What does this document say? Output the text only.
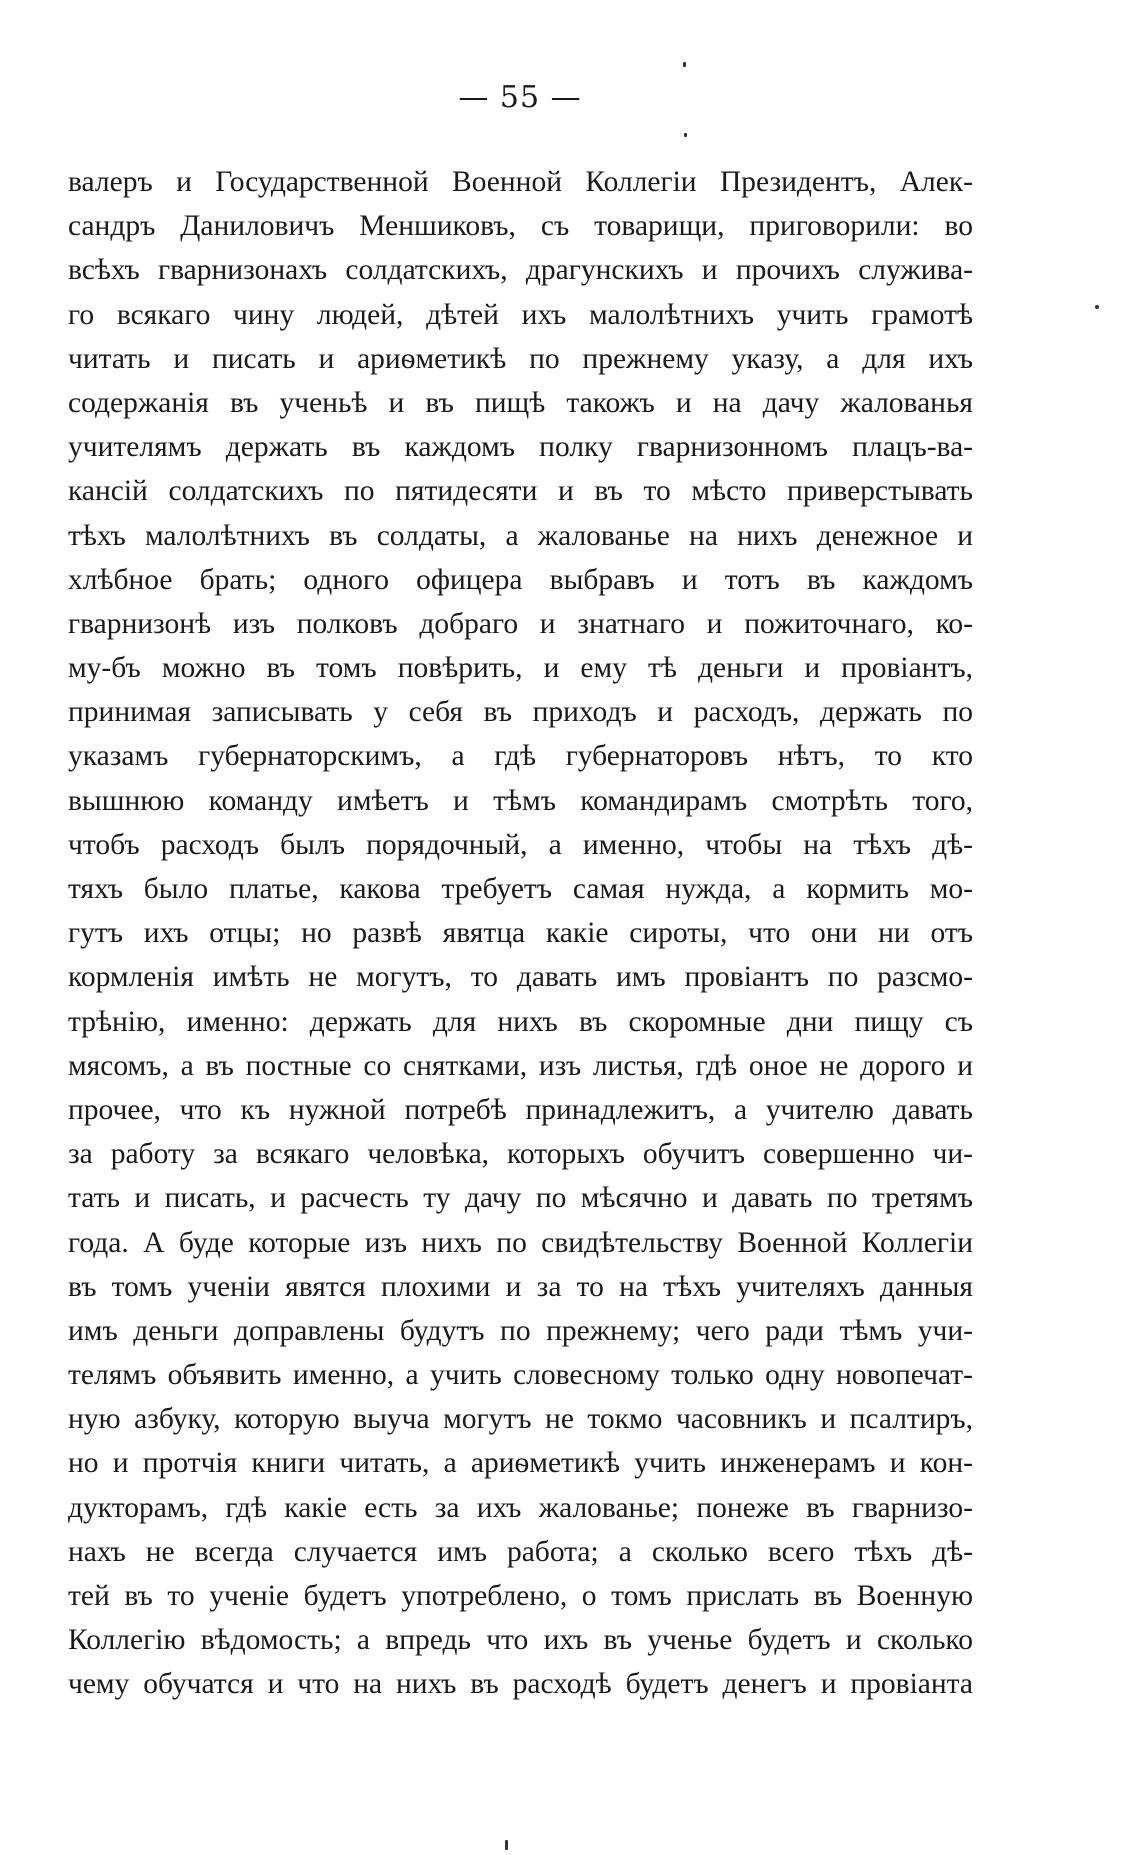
— 55 —
валеръ и Государственной Военной Коллегіи Президентъ, Алек-
сандръ Даниловичъ Меншиковъ, съ товарищи, приговорили: во
всѣхъ гварнизонахъ солдатскихъ, драгунскихъ и прочихъ служива-
го всякаго чину людей, дѣтей ихъ малолѣтнихъ учить грамотѣ
читать и писать и ариѳметикѣ по прежнему указу, а для ихъ
содержанія въ ученьѣ и въ пищѣ такожъ и на дачу жалованья
учителямъ держать въ каждомъ полку гварнизонномъ плацъ-ва-
кансій солдатскихъ по пятидесяти и въ то мѣсто приверстывать
тѣхъ малолѣтнихъ въ солдаты, а жалованье на нихъ денежное и
хлѣбное брать; одного офицера выбравъ и тотъ въ каждомъ
гварнизонѣ изъ полковъ добраго и знатнаго и пожиточнаго, ко-
му-бъ можно въ томъ повѣрить, и ему тѣ деньги и провіантъ,
принимая записывать у себя въ приходъ и расходъ, держать по
указамъ губернаторскимъ, а гдѣ губернаторовъ нѣтъ, то кто
вышнюю команду имѣетъ и тѣмъ командирамъ смотрѣть того,
чтобъ расходъ былъ порядочный, а именно, чтобы на тѣхъ дѣ-
тяхъ было платье, какова требуетъ самая нужда, а кормить мо-
гутъ ихъ отцы; но развѣ явятца какіе сироты, что они ни отъ
кормленія имѣть не могутъ, то давать имъ провіантъ по разсмо-
трѣнію, именно: держать для нихъ въ скоромные дни пищу съ
мясомъ, а въ постные со снятками, изъ листья, гдѣ оное не дорого и
прочее, что къ нужной потребѣ принадлежитъ, а учителю давать
за работу за всякаго человѣка, которыхъ обучитъ совершенно чи-
тать и писать, и расчесть ту дачу по мѣсячно и давать по третямъ
года. А буде которые изъ нихъ по свидѣтельству Военной Коллегіи
въ томъ ученіи явятся плохими и за то на тѣхъ учителяхъ данныя
имъ деньги доправлены будутъ по прежнему; чего ради тѣмъ учи-
телямъ объявить именно, а учить словесному только одну новопечат-
ную азбуку, которую выуча могутъ не токмо часовникъ и псалтиръ,
но и протчія книги читать, а ариѳметикѣ учить инженерамъ и кон-
дукторамъ, гдѣ какіе есть за ихъ жалованье; понеже въ гварнизо-
нахъ не всегда случается имъ работа; а сколько всего тѣхъ дѣ-
тей въ то ученіе будетъ употреблено, о томъ прислать въ Военную
Коллегію вѣдомость; а впредь что ихъ въ ученье будетъ и сколько
чему обучатся и что на нихъ въ расходѣ будетъ денегъ и провіанта
